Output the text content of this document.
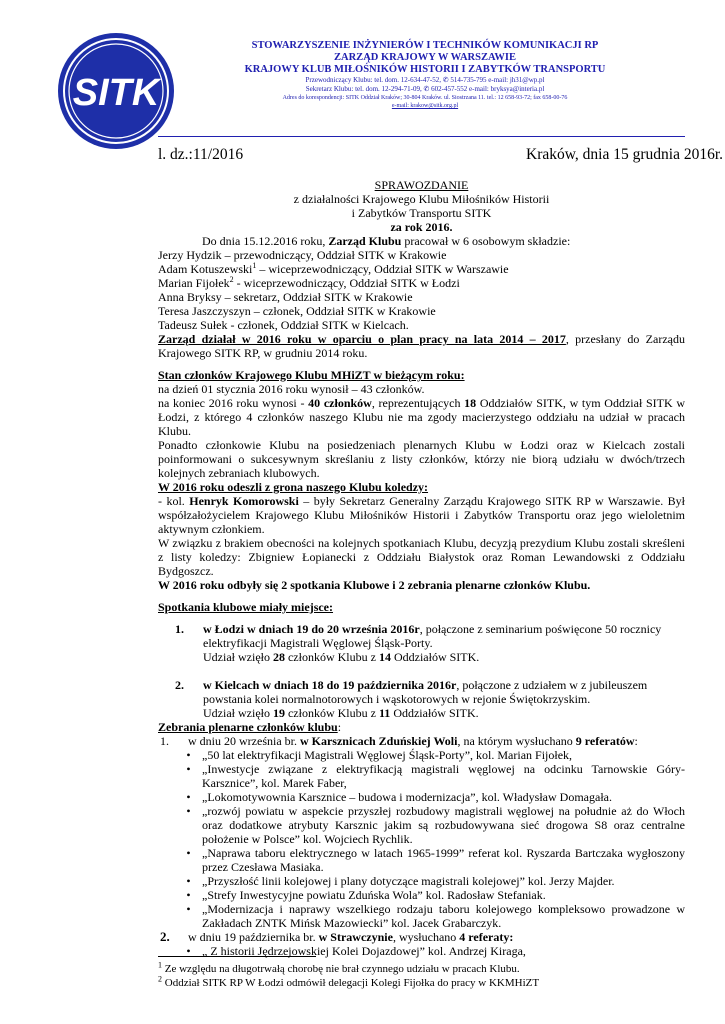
SITK
STOWARZYSZENIE INŻYNIERÓW I TECHNIKÓW KOMUNIKACJI RP
ZARZĄD KRAJOWY W WARSZAWIE
KRAJOWY KLUB MIŁOŚNIKÓW HISTORII I ZABYTKÓW TRANSPORTU
Przewodniczący Klubu: tel. dom. 12-634-47-52, ✆ 514-735-795 e-mail: jh31@wp.pl
Sekretarz Klubu: tel. dom. 12-294-71-09, ✆ 602-457-552 e-mail: bryksya@interia.pl
Adres do korespondencji: SITK Oddział Kraków; 30-804 Kraków. ul. Siostrzana 11. tel.: 12 658-93-72; fax 658-00-76
e-mail: krakow@sitk.org.pl
l. dz.:11/2016	Kraków, dnia 15 grudnia 2016r.

SPRAWOZDANIE

z działalności Krajowego Klubu Miłośników Historii

i Zabytków Transportu SITK

za rok 2016.

Do dnia 15.12.2016 roku, Zarząd Klubu pracował w 6 osobowym składzie:

Jerzy Hydzik – przewodniczący, Oddział SITK w Krakowie

Adam Kotuszewski$^1$ – wiceprzewodniczący, Oddział SITK w Warszawie

Marian Fijołek$^2$ - wiceprzewodniczący, Oddział SITK w Łodzi

Anna Bryksy – sekretarz, Oddział SITK w Krakowie

Teresa Jaszczyszyn – członek, Oddział SITK w Krakowie

Tadeusz Sułek - członek, Oddział SITK w Kielcach.

Zarząd działał w 2016 roku w oparciu o plan pracy na lata 2014 – 2017, przesłany do Zarządu Krajowego SITK RP, w grudniu 2014 roku.

Stan członków Krajowego Klubu MHiZT w bieżącym roku:

na dzień 01 stycznia 2016 roku wynosił – 43 członków.

na koniec 2016 roku wynosi - 40 członków, reprezentujących 18 Oddziałów SITK, w tym Oddział SITK w Łodzi, z którego 4 członków naszego Klubu nie ma zgody macierzystego oddziału na udział w pracach Klubu.

Ponadto członkowie Klubu na posiedzeniach plenarnych Klubu w Łodzi oraz w Kielcach zostali poinformowani o sukcesywnym skreślaniu z listy członków, którzy nie biorą udziału w dwóch/trzech kolejnych zebraniach klubowych.

W 2016 roku odeszli z grona naszego Klubu koledzy:

- kol. Henryk Komorowski – były Sekretarz Generalny Zarządu Krajowego SITK RP w Warszawie. Był współzałożycielem Krajowego Klubu Miłośników Historii i Zabytków Transportu oraz jego wieloletnim aktywnym członkiem.

W związku z brakiem obecności na kolejnych spotkaniach Klubu, decyzją prezydium Klubu zostali skreśleni z listy koledzy: Zbigniew Łopianecki z Oddziału Białystok oraz Roman Lewandowski z Oddziału Bydgoszcz.

W 2016 roku odbyły się 2 spotkania Klubowe i 2 zebrania plenarne członków Klubu.

Spotkania klubowe miały miejsce:

1.	w Łodzi w dniach 19 do 20 września 2016r, połączone z seminarium poświęcone 50 rocznicy elektryfikacji Magistrali Węglowej Śląsk-Porty.

Udział wzięło 28 członków Klubu z 14 Oddziałów SITK.

2.	w Kielcach w dniach 18 do 19 października 2016r, połączone z udziałem w z jubileuszem powstania kolei normalnotorowych i wąskotorowych w rejonie Świętokrzyskim.

Udział wzięło 19 członków Klubu z 11 Oddziałów SITK.

Zebrania plenarne członków klubu:

1.	w dniu 20 września br. w Karsznicach Zduńskiej Woli, na którym wysłuchano 9 referatów:
• „50 lat elektryfikacji Magistrali Węglowej Śląsk-Porty”, kol. Marian Fijołek,
• „Inwestycje związane z elektryfikacją magistrali węglowej na odcinku Tarnowskie Góry-Karsznice”, kol. Marek Faber,
• „Lokomotywownia Karsznice – budowa i modernizacja”, kol. Władysław Domagała.
• „rozwój powiatu w aspekcie przyszłej rozbudowy magistrali węglowej na południe aż do Włoch oraz dodatkowe atrybuty Karsznic jakim są rozbudowywana sieć drogowa S8 oraz centralne położenie w Polsce” kol. Wojciech Rychlik.
• „Naprawa taboru elektrycznego w latach 1965-1999” referat kol. Ryszarda Bartczaka wygłoszony przez Czesława Masiaka.
• „Przyszłość linii kolejowej i plany dotyczące magistrali kolejowej” kol. Jerzy Majder.
• „Strefy Inwestycyjne powiatu Zduńska Wola” kol. Radosław Stefaniak.
• „Modernizacja i naprawy wszelkiego rodzaju taboru kolejowego kompleksowo prowadzone w Zakładach ZNTK Mińsk Mazowiecki” kol. Jacek Grabarczyk.
2.	w dniu 19 października br. w Strawczynie, wysłuchano 4 referaty:
• „ Z historii Jędrzejowskiej Kolei Dojazdowej” kol. Andrzej Kiraga,

$^1$ Ze względu na długotrwałą chorobę nie brał czynnego udziału w pracach Klubu.

$^2$ Oddział SITK RP W Łodzi odmówił delegacji Kolegi Fijołka do pracy w KKMHiZT
